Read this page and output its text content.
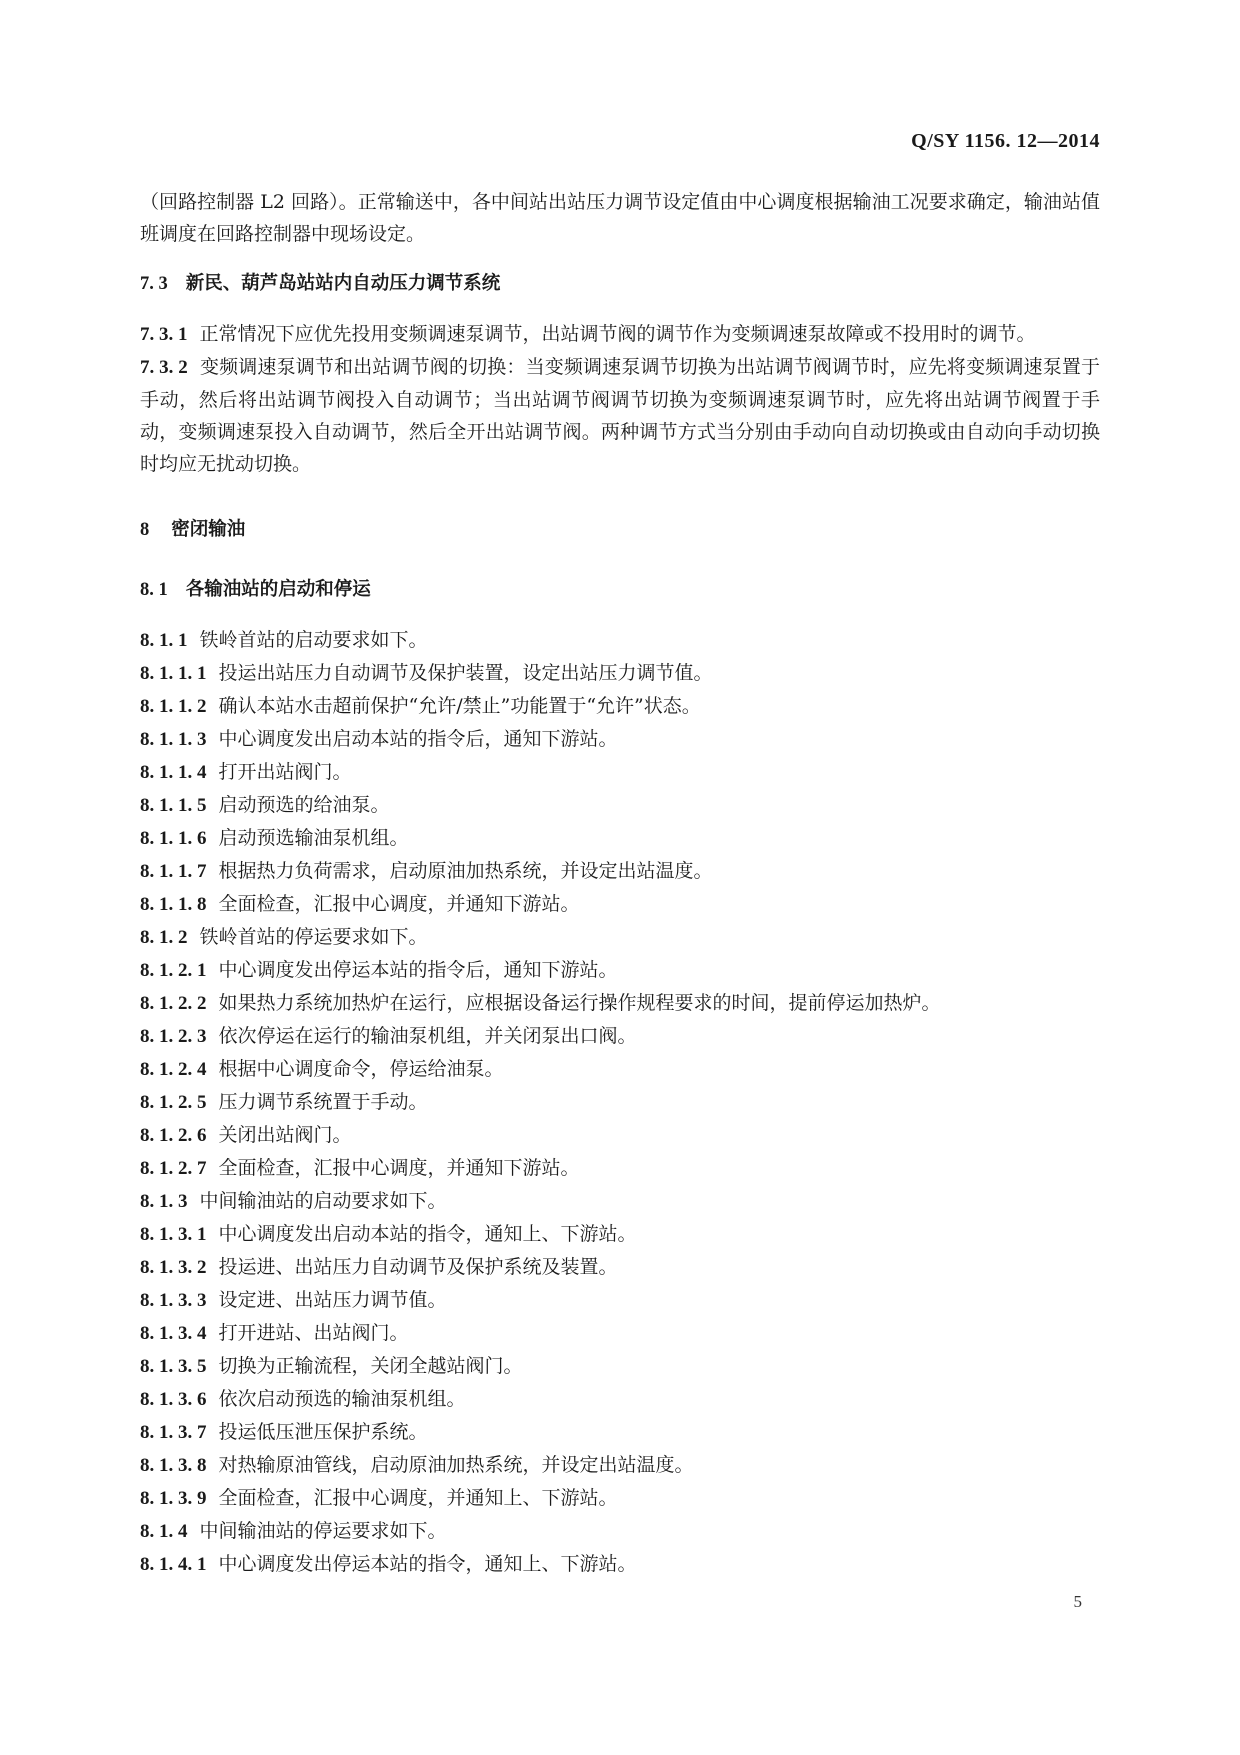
Q/SY 1156. 12—2014

（回路控制器 L2 回路）。正常输送中，各中间站出站压力调节设定值由中心调度根据输油工况要求确定，输油站值班调度在回路控制器中现场设定。

7. 3 新民、葫芦岛站站内自动压力调节系统

7. 3. 1 正常情况下应优先投用变频调速泵调节，出站调节阀的调节作为变频调速泵故障或不投用时的调节。

7. 3. 2 变频调速泵调节和出站调节阀的切换：当变频调速泵调节切换为出站调节阀调节时，应先将变频调速泵置于手动，然后将出站调节阀投入自动调节；当出站调节阀调节切换为变频调速泵调节时，应先将出站调节阀置于手动，变频调速泵投入自动调节，然后全开出站调节阀。两种调节方式当分别由手动向自动切换或由自动向手动切换时均应无扰动切换。

8 密闭输油

8. 1 各输油站的启动和停运

8. 1. 1 铁岭首站的启动要求如下。

8. 1. 1. 1 投运出站压力自动调节及保护装置，设定出站压力调节值。

8. 1. 1. 2 确认本站水击超前保护“允许/禁止”功能置于“允许”状态。

8. 1. 1. 3 中心调度发出启动本站的指令后，通知下游站。

8. 1. 1. 4 打开出站阀门。

8. 1. 1. 5 启动预选的给油泵。

8. 1. 1. 6 启动预选输油泵机组。

8. 1. 1. 7 根据热力负荷需求，启动原油加热系统，并设定出站温度。

8. 1. 1. 8 全面检查，汇报中心调度，并通知下游站。

8. 1. 2 铁岭首站的停运要求如下。

8. 1. 2. 1 中心调度发出停运本站的指令后，通知下游站。

8. 1. 2. 2 如果热力系统加热炉在运行，应根据设备运行操作规程要求的时间，提前停运加热炉。

8. 1. 2. 3 依次停运在运行的输油泵机组，并关闭泵出口阀。

8. 1. 2. 4 根据中心调度命令，停运给油泵。

8. 1. 2. 5 压力调节系统置于手动。

8. 1. 2. 6 关闭出站阀门。

8. 1. 2. 7 全面检查，汇报中心调度，并通知下游站。

8. 1. 3 中间输油站的启动要求如下。

8. 1. 3. 1 中心调度发出启动本站的指令，通知上、下游站。

8. 1. 3. 2 投运进、出站压力自动调节及保护系统及装置。

8. 1. 3. 3 设定进、出站压力调节值。

8. 1. 3. 4 打开进站、出站阀门。

8. 1. 3. 5 切换为正输流程，关闭全越站阀门。

8. 1. 3. 6 依次启动预选的输油泵机组。

8. 1. 3. 7 投运低压泄压保护系统。

8. 1. 3. 8 对热输原油管线，启动原油加热系统，并设定出站温度。

8. 1. 3. 9 全面检查，汇报中心调度，并通知上、下游站。

8. 1. 4 中间输油站的停运要求如下。

8. 1. 4. 1 中心调度发出停运本站的指令，通知上、下游站。

5
